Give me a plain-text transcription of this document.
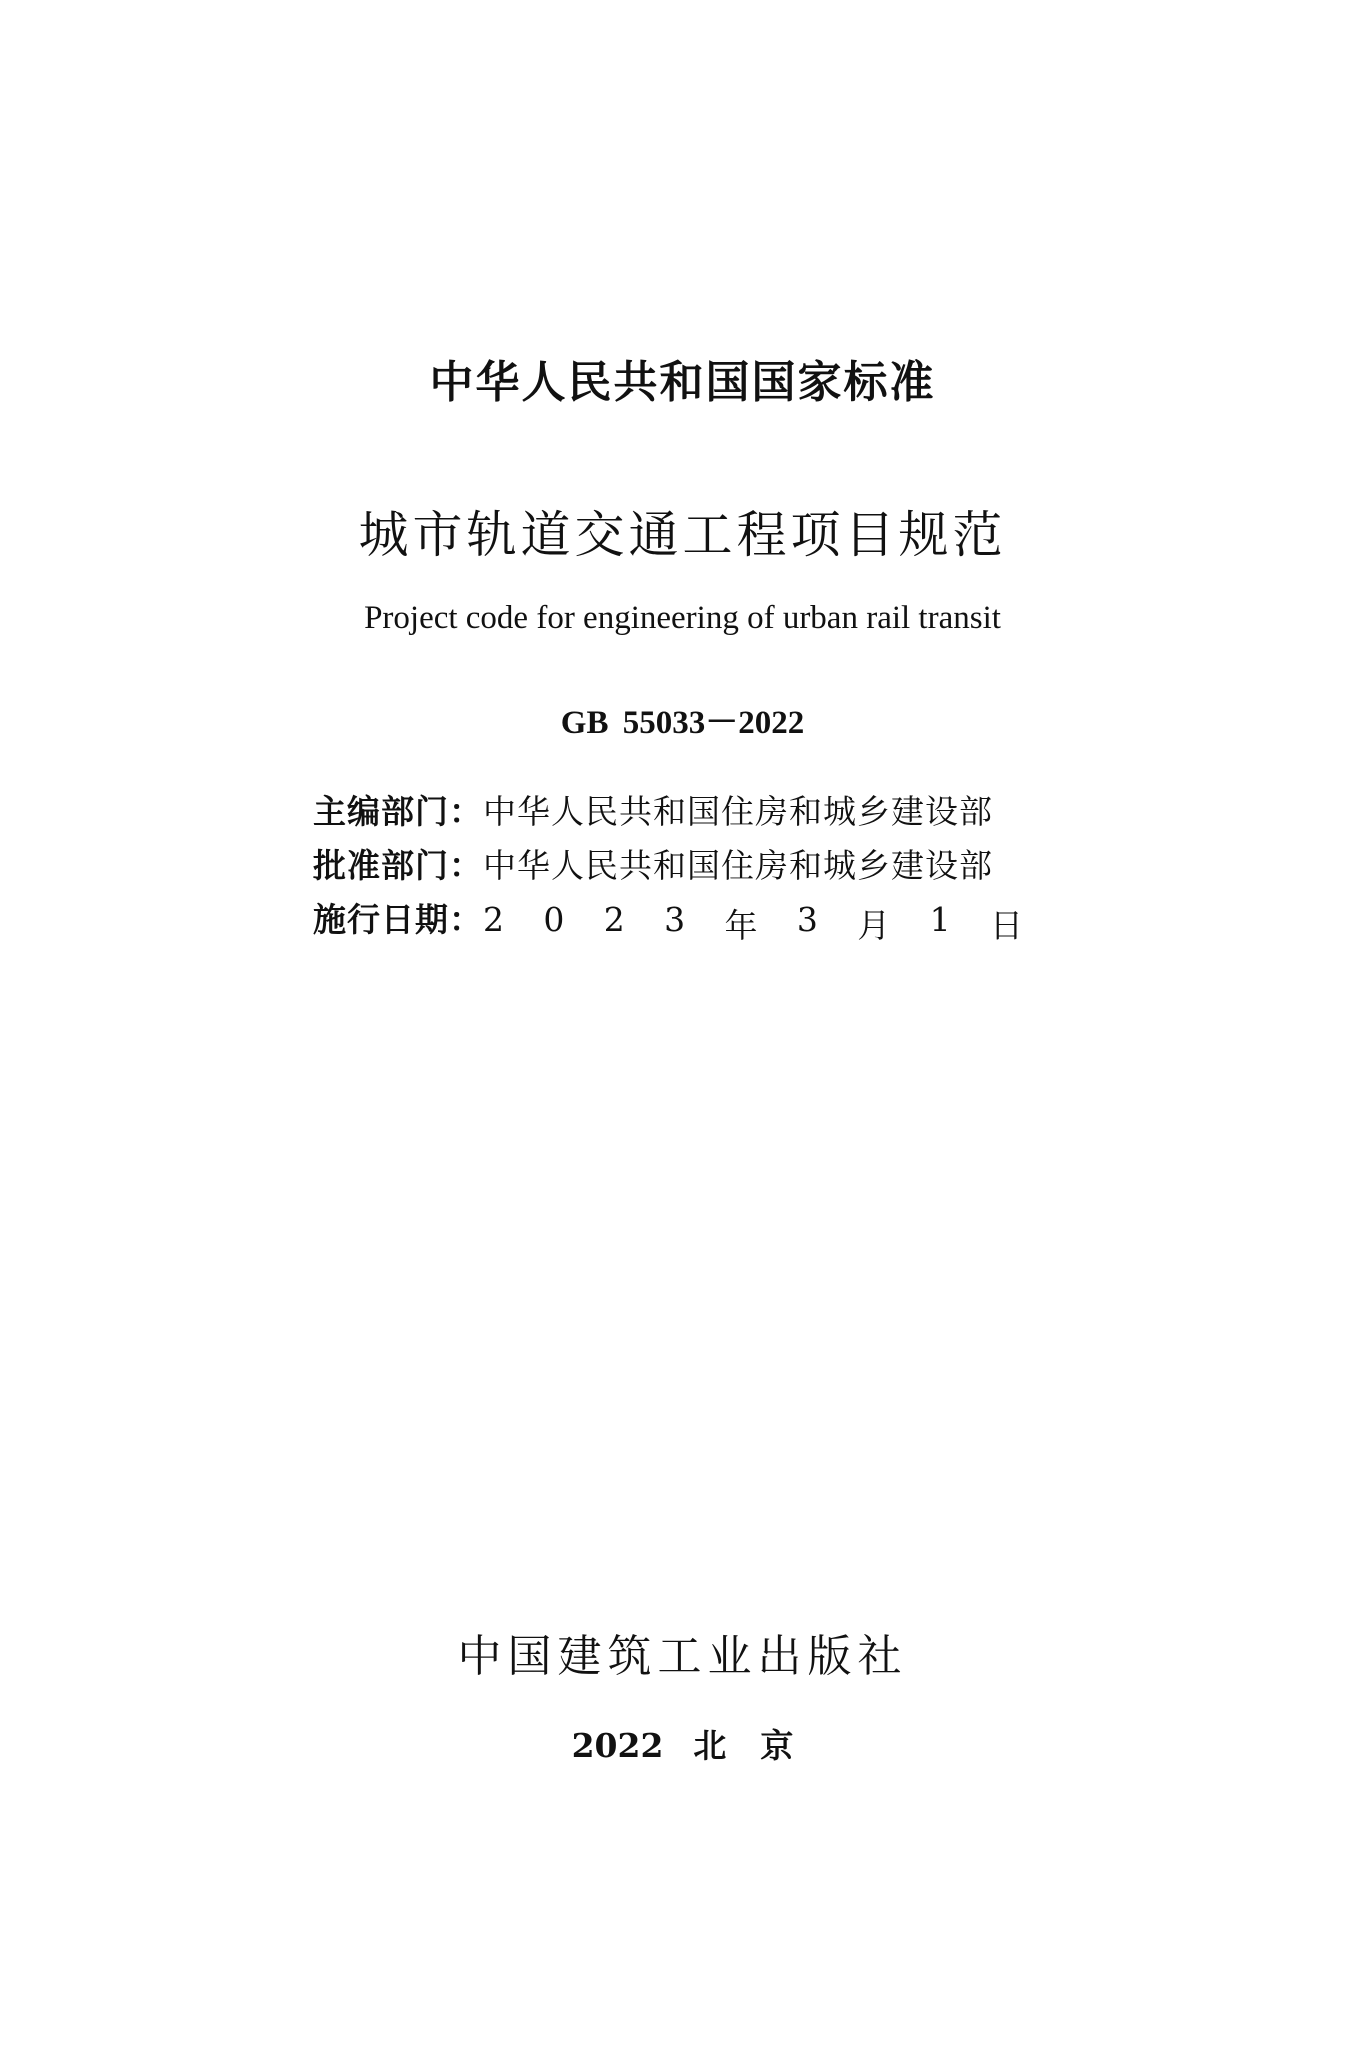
中华人民共和国国家标准
城市轨道交通工程项目规范
Project code for engineering of urban rail transit
GB 55033－2022
主编部门： 中华人民共和国住房和城乡建设部
批准部门： 中华人民共和国住房和城乡建设部
施行日期： 2 0 2 3 年 3 月 1 日
中国建筑工业出版社
2022 北 京
